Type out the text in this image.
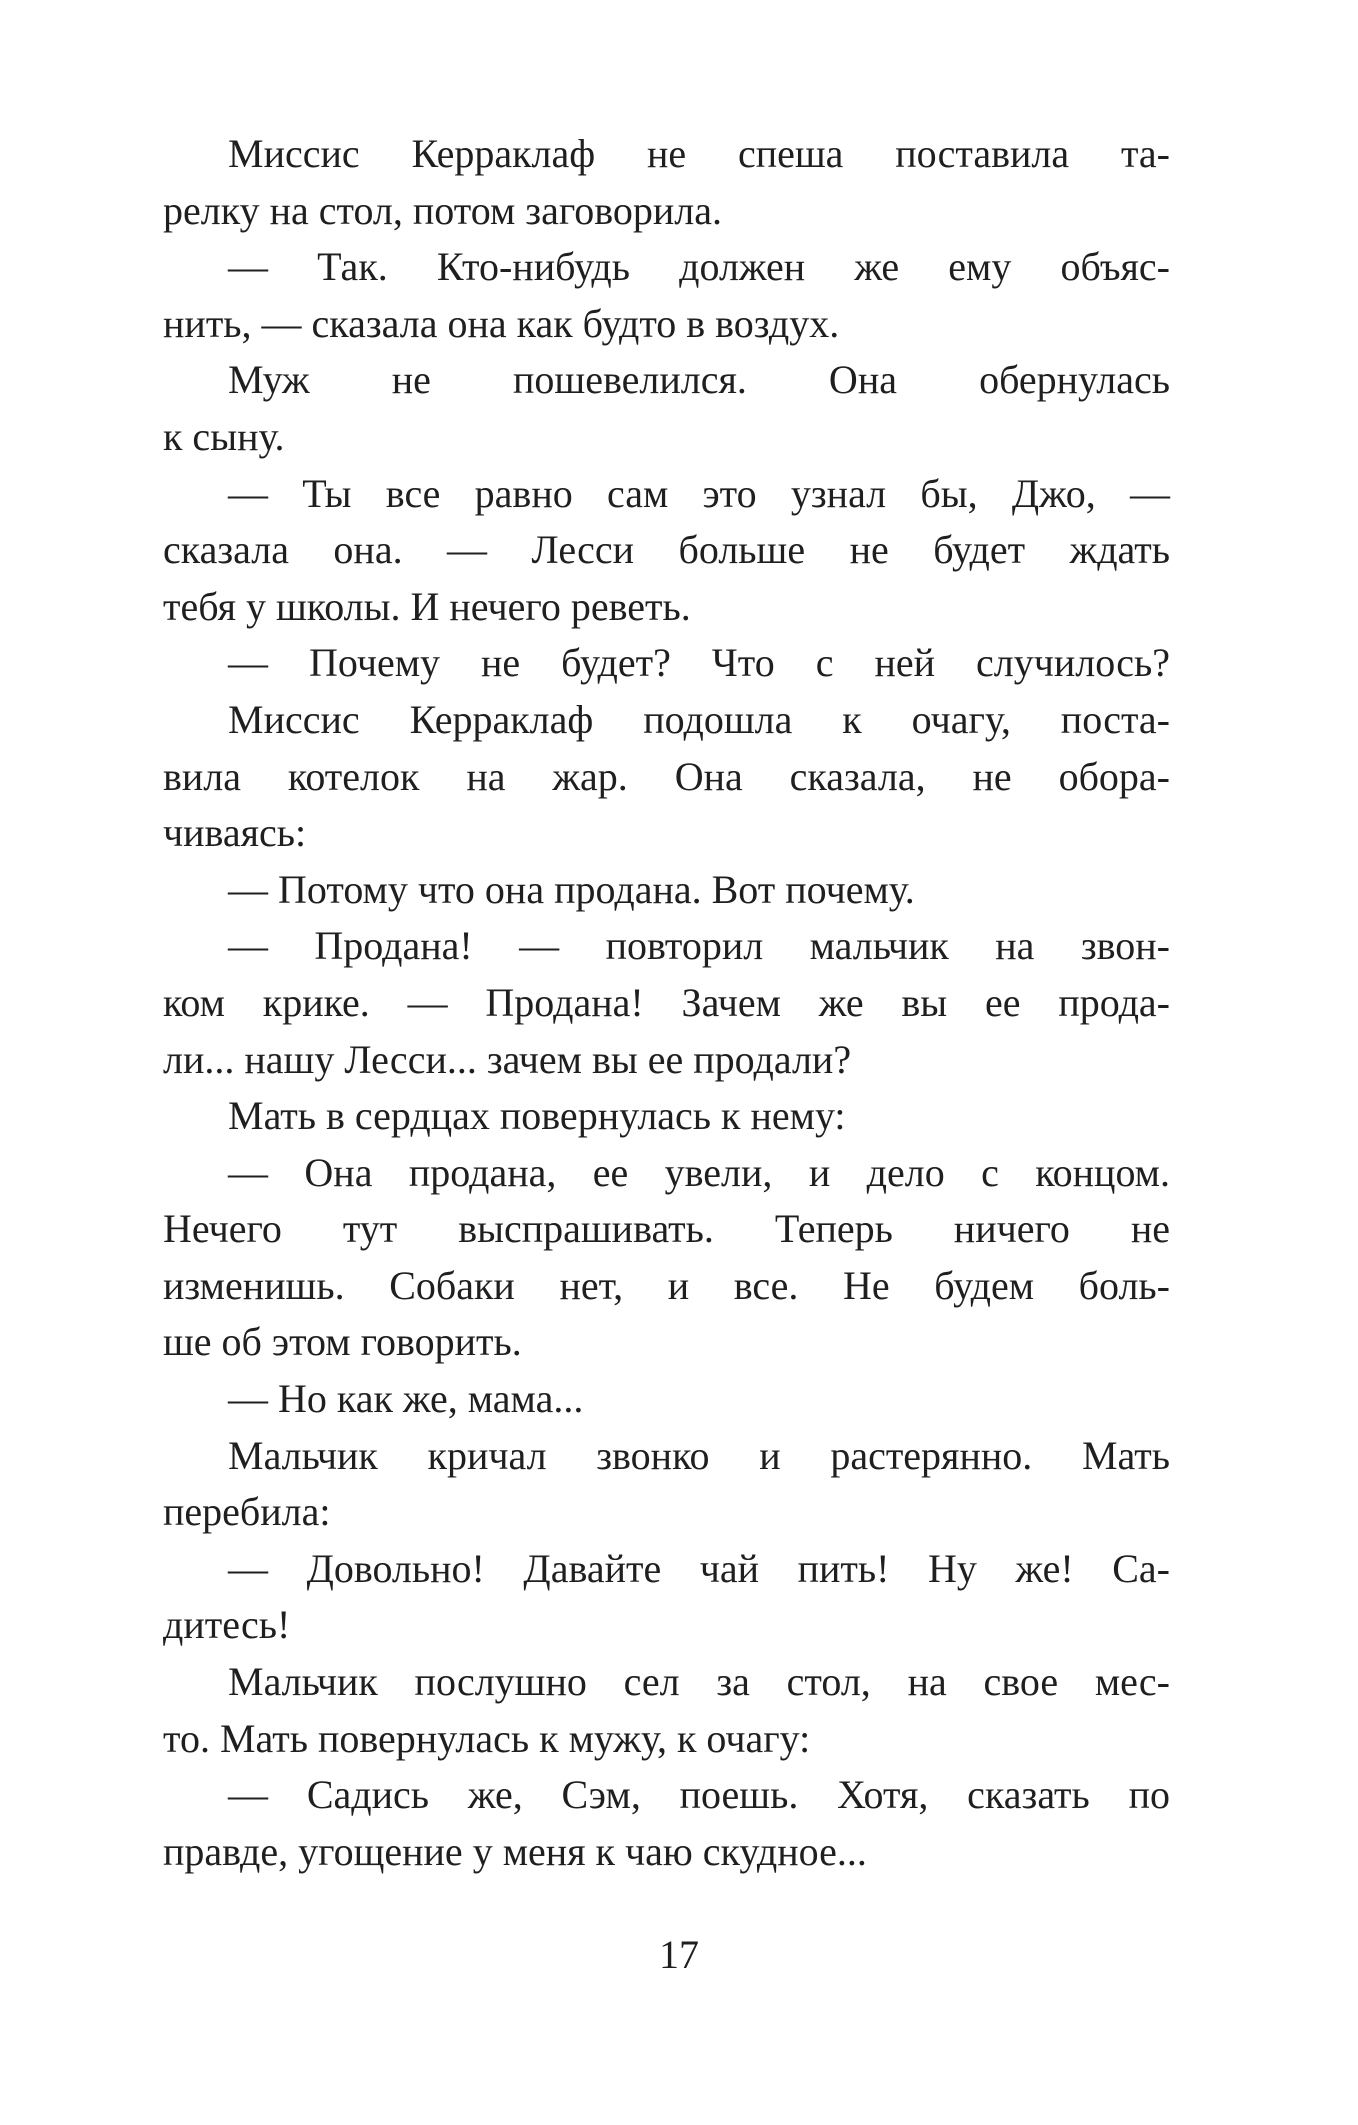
Миссис Керраклаф не спеша поставила та-
релку на стол, потом заговорила.
— Так. Кто-нибудь должен же ему объяс-
нить, — сказала она как будто в воздух.
Муж не пошевелился. Она обернулась
к сыну.
— Ты все равно сам это узнал бы, Джо, —
сказала она. — Лесси больше не будет ждать
тебя у школы. И нечего реветь.
— Почему не будет? Что с ней случилось?
Миссис Керраклаф подошла к очагу, поста-
вила котелок на жар. Она сказала, не обора-
чиваясь:
— Потому что она продана. Вот почему.
— Продана! — повторил мальчик на звон-
ком крике. — Продана! Зачем же вы ее прода-
ли... нашу Лесси... зачем вы ее продали?
Мать в сердцах повернулась к нему:
— Она продана, ее увели, и дело с концом.
Нечего тут выспрашивать. Теперь ничего не
изменишь. Собаки нет, и все. Не будем боль-
ше об этом говорить.
— Но как же, мама...
Мальчик кричал звонко и растерянно. Мать
перебила:
— Довольно! Давайте чай пить! Ну же! Са-
дитесь!
Мальчик послушно сел за стол, на свое мес-
то. Мать повернулась к мужу, к очагу:
— Садись же, Сэм, поешь. Хотя, сказать по
правде, угощение у меня к чаю скудное...
17
